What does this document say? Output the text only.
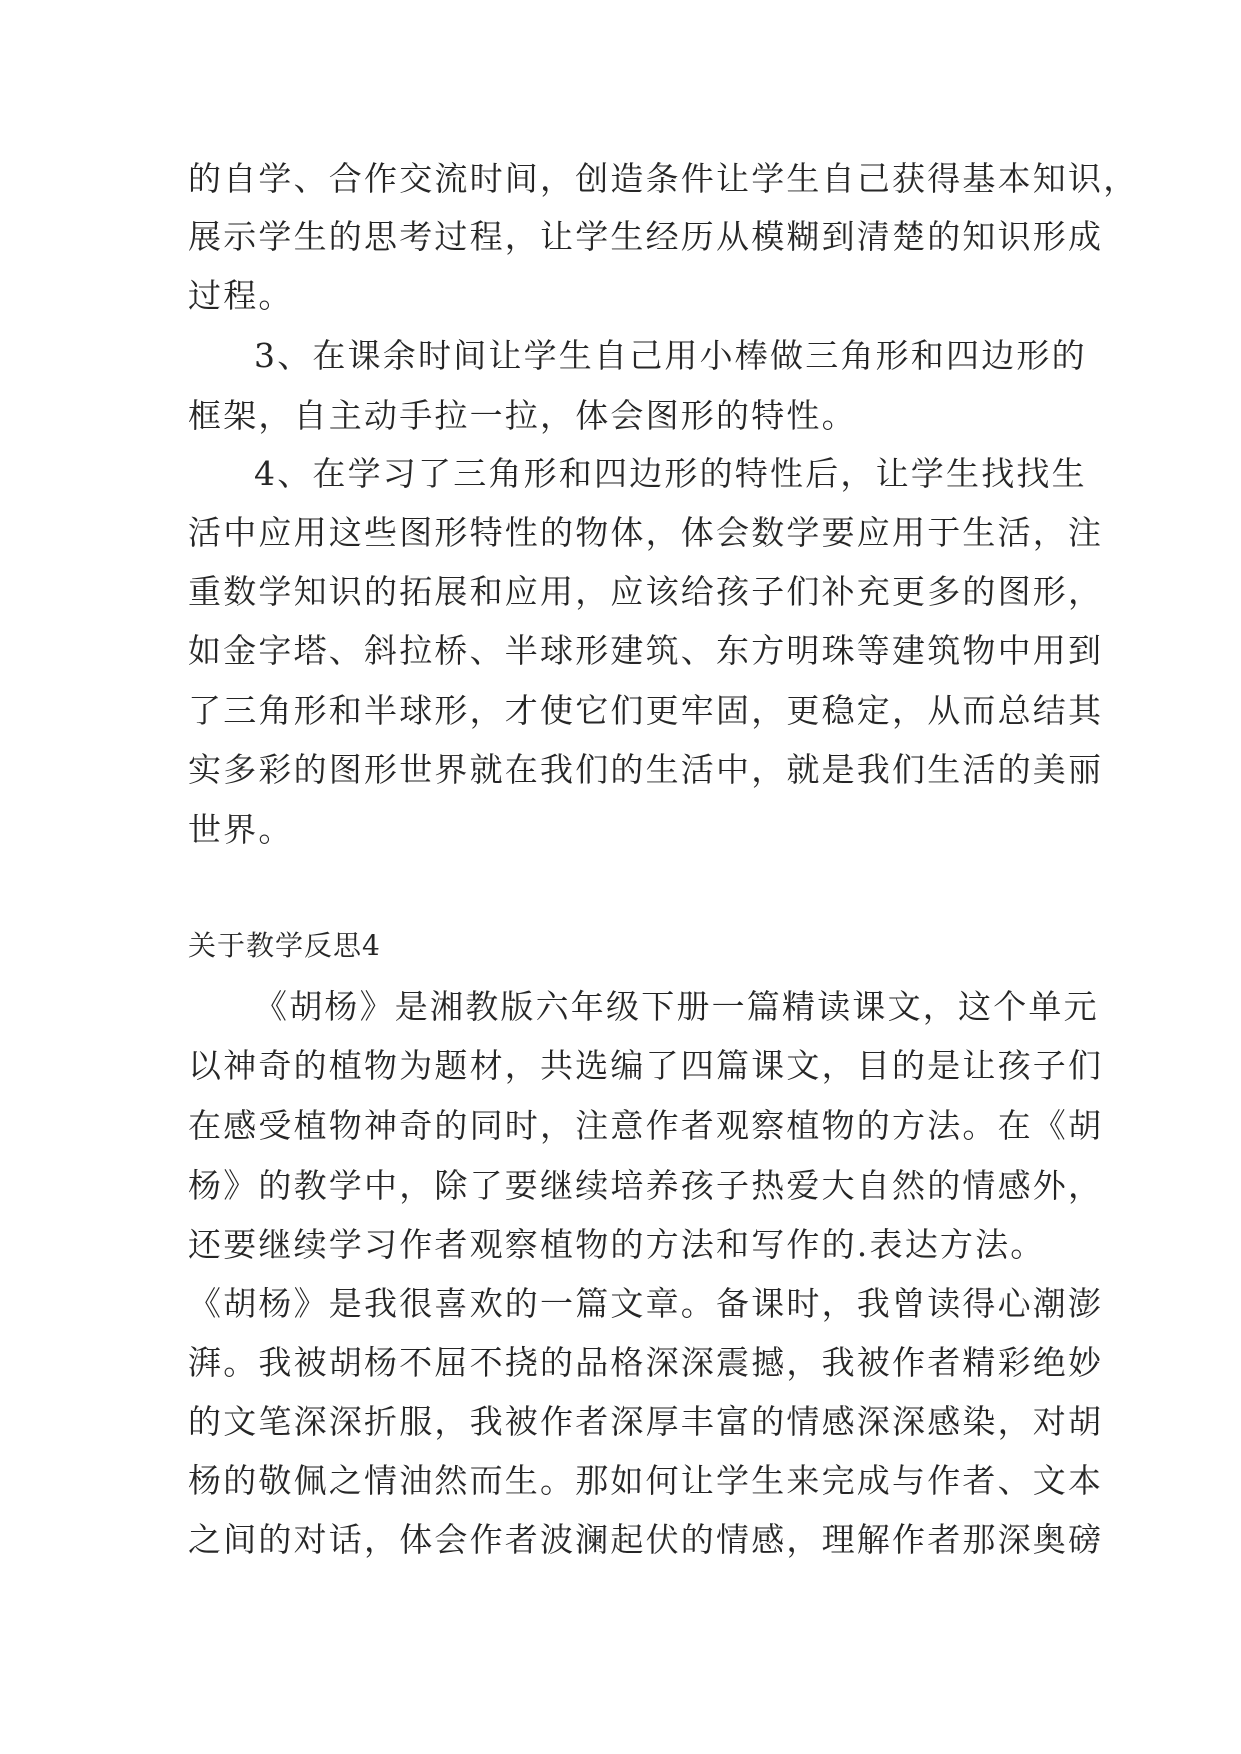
的自学、合作交流时间，创造条件让学生自己获得基本知识，
展示学生的思考过程，让学生经历从模糊到清楚的知识形成
过程。
3、在课余时间让学生自己用小棒做三角形和四边形的
框架，自主动手拉一拉，体会图形的特性。
4、在学习了三角形和四边形的特性后，让学生找找生
活中应用这些图形特性的物体，体会数学要应用于生活，注
重数学知识的拓展和应用，应该给孩子们补充更多的图形，
如金字塔、斜拉桥、半球形建筑、东方明珠等建筑物中用到
了三角形和半球形，才使它们更牢固，更稳定，从而总结其
实多彩的图形世界就在我们的生活中，就是我们生活的美丽
世界。
关于教学反思4
《胡杨》是湘教版六年级下册一篇精读课文，这个单元
以神奇的植物为题材，共选编了四篇课文，目的是让孩子们
在感受植物神奇的同时，注意作者观察植物的方法。在《胡
杨》的教学中，除了要继续培养孩子热爱大自然的情感外，
还要继续学习作者观察植物的方法和写作的.表达方法。
《胡杨》是我很喜欢的一篇文章。备课时，我曾读得心潮澎
湃。我被胡杨不屈不挠的品格深深震撼，我被作者精彩绝妙
的文笔深深折服，我被作者深厚丰富的情感深深感染，对胡
杨的敬佩之情油然而生。那如何让学生来完成与作者、文本
之间的对话，体会作者波澜起伏的情感，理解作者那深奥磅
